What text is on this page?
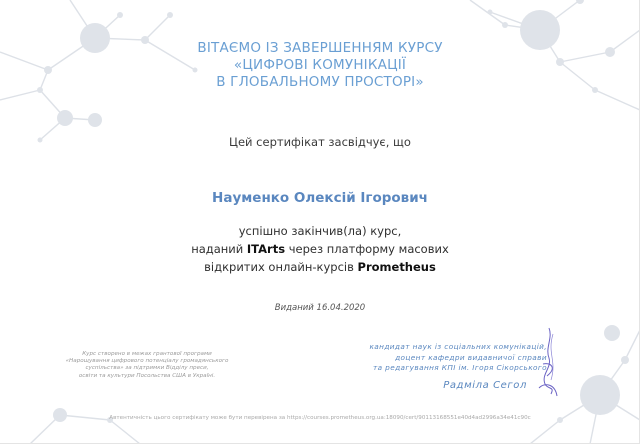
ВІТАЄМО ІЗ ЗАВЕРШЕННЯМ КУРСУ
«ЦИФРОВІ КОМУНІКАЦІЇ
В ГЛОБАЛЬНОМУ ПРОСТОРІ»
Цей сертифікат засвідчує, що
Науменко Олексій Ігорович
успішно закінчив(ла) курс,
наданий ITArts через платформу масових
відкритих онлайн-курсів Prometheus
Виданий 16.04.2020
Курс створено в межах грантової програми
«Нарощування цифрового потенціалу громадянського
суспільства» за підтримки Відділу преси,
освіти та культури Посольства США в Україні.
кандидат наук із соціальних комунікацій,
доцент кафедри видавничої справи
та редагування КПІ ім. Ігоря Сікорського
Радміла Сегол
Автентичність цього сертифікату може бути перевірена за https://courses.prometheus.org.ua:18090/cert/90113168551e40d4ad2996a34e41c90c
